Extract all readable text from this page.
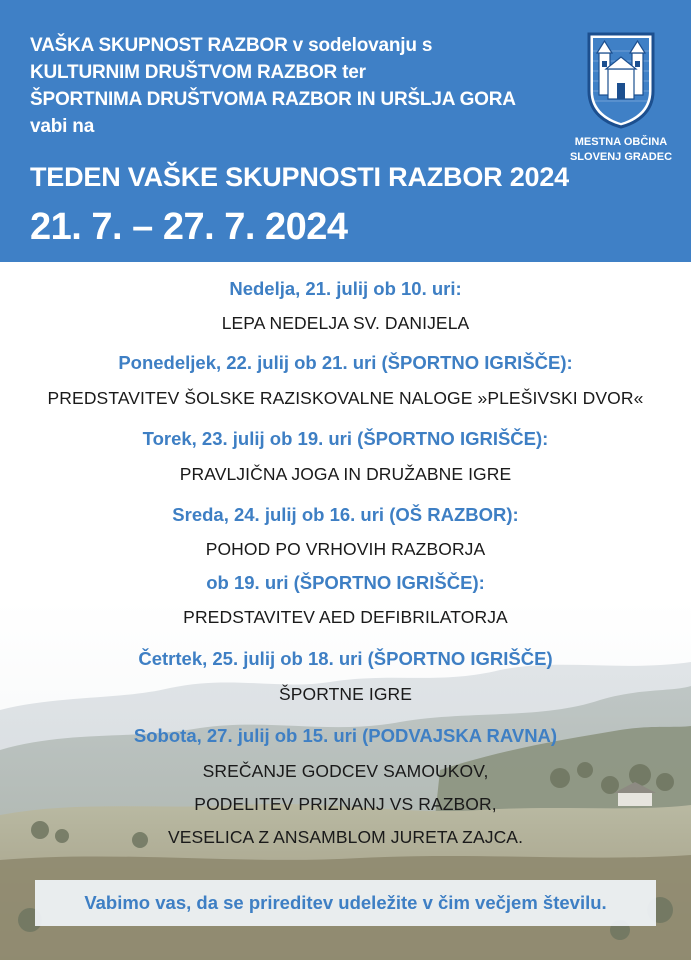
VAŠKA SKUPNOST RAZBOR v sodelovanju s
KULTURNIM DRUŠTVOM RAZBOR ter
ŠPORTNIMA DRUŠTVOMA RAZBOR IN URŠLJA GORA
vabi na
TEDEN VAŠKE SKUPNOSTI RAZBOR 2024
21. 7. – 27. 7. 2024
MESTNA OBČINA
SLOVENJ GRADEC
Nedelja, 21. julij ob 10. uri:
LEPA NEDELJA SV. DANIJELA
Ponedeljek, 22. julij ob 21. uri (ŠPORTNO IGRIŠČE):
PREDSTAVITEV ŠOLSKE RAZISKOVALNE NALOGE »PLEŠIVSKI DVOR«
Torek, 23. julij ob 19. uri (ŠPORTNO IGRIŠČE):
PRAVLJIČNA JOGA IN DRUŽABNE IGRE
Sreda, 24. julij ob 16. uri (OŠ RAZBOR):
POHOD PO VRHOVIH RAZBORJA
ob 19. uri (ŠPORTNO IGRIŠČE):
PREDSTAVITEV AED DEFIBRILATORJA
Četrtek, 25. julij ob 18. uri (ŠPORTNO IGRIŠČE)
ŠPORTNE IGRE
Sobota, 27. julij ob 15. uri (PODVAJSKA RAVNA)
SREČANJE GODCEV SAMOUKOV,
PODELITEV PRIZNANJ VS RAZBOR,
VESELICA Z ANSAMBLOM JURETA ZAJCA.
Vabimo vas, da se prireditev udeležite v čim večjem številu.
